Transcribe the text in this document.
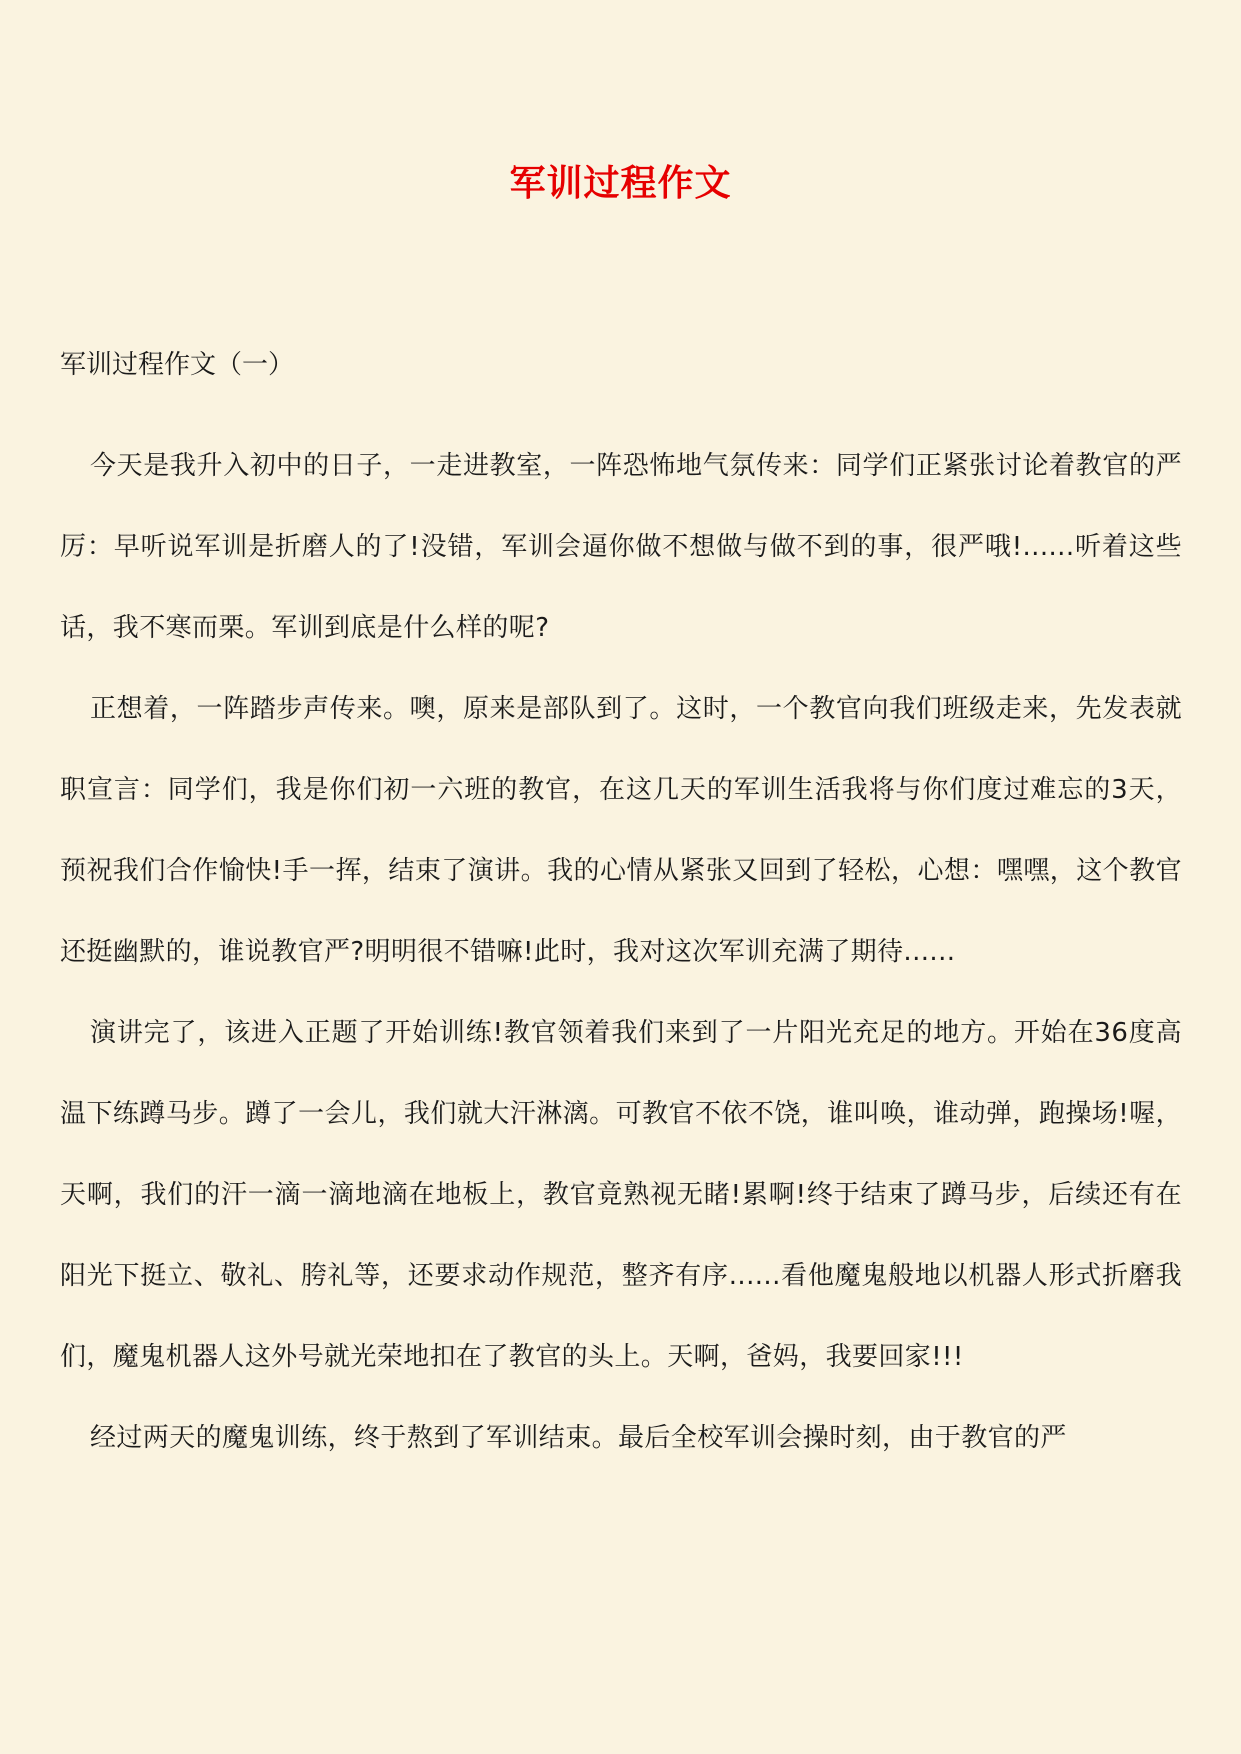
军训过程作文

军训过程作文（一）

今天是我升入初中的日子，一走进教室，一阵恐怖地气氛传来：同学们正紧张讨论着教官的严厉：早听说军训是折磨人的了!没错，军训会逼你做不想做与做不到的事，很严哦!......听着这些话，我不寒而栗。军训到底是什么样的呢?

正想着，一阵踏步声传来。噢，原来是部队到了。这时，一个教官向我们班级走来，先发表就职宣言：同学们，我是你们初一六班的教官，在这几天的军训生活我将与你们度过难忘的3天，预祝我们合作愉快!手一挥，结束了演讲。我的心情从紧张又回到了轻松，心想：嘿嘿，这个教官还挺幽默的，谁说教官严?明明很不错嘛!此时，我对这次军训充满了期待......

演讲完了，该进入正题了开始训练!教官领着我们来到了一片阳光充足的地方。开始在36度高温下练蹲马步。蹲了一会儿，我们就大汗淋漓。可教官不依不饶，谁叫唤，谁动弹，跑操场!喔，天啊，我们的汗一滴一滴地滴在地板上，教官竟熟视无睹!累啊!终于结束了蹲马步，后续还有在阳光下挺立、敬礼、胯礼等，还要求动作规范，整齐有序......看他魔鬼般地以机器人形式折磨我们，魔鬼机器人这外号就光荣地扣在了教官的头上。天啊，爸妈，我要回家!!!

经过两天的魔鬼训练，终于熬到了军训结束。最后全校军训会操时刻，由于教官的严
